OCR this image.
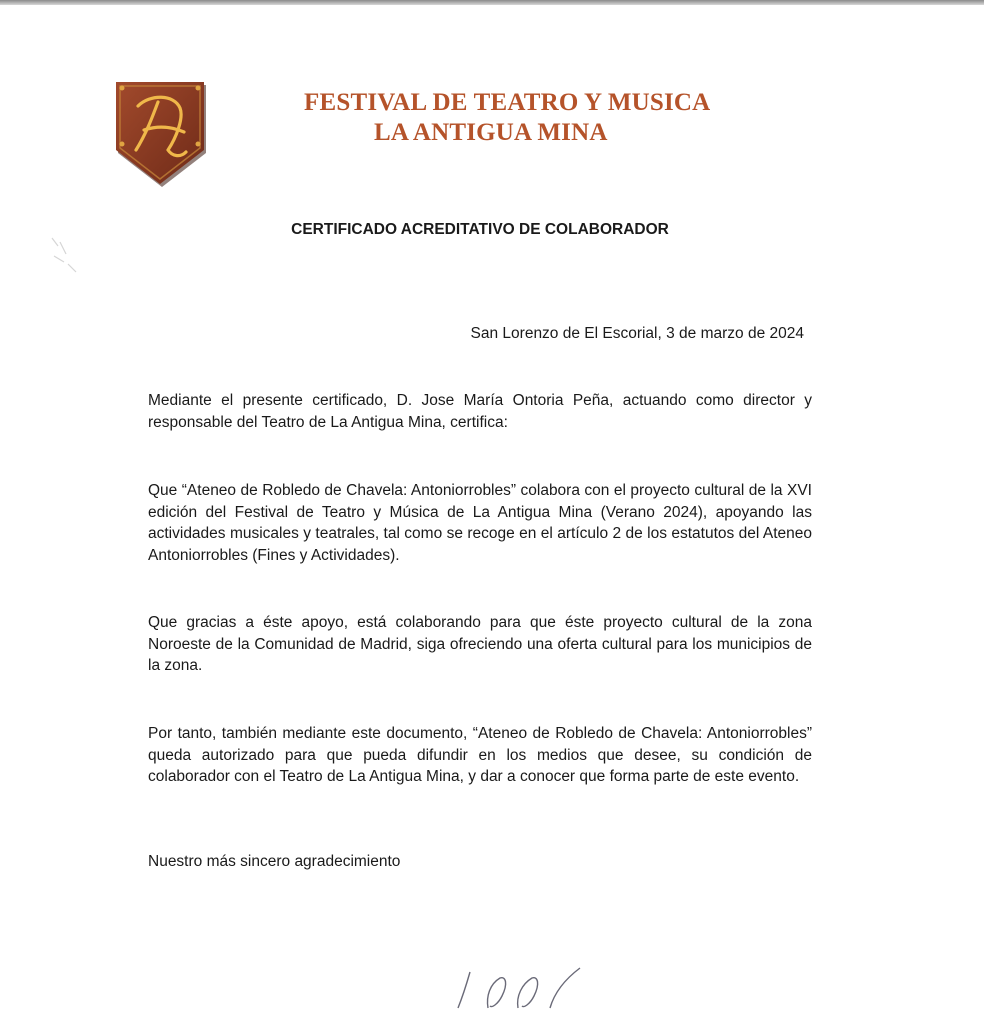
FESTIVAL DE TEATRO Y MUSICA
LA ANTIGUA MINA
CERTIFICADO ACREDITATIVO DE COLABORADOR
San Lorenzo de El Escorial, 3 de marzo de 2024

Mediante el presente certificado, D. Jose María Ontoria Peña, actuando como director y responsable del Teatro de La Antigua Mina, certifica:

Que “Ateneo de Robledo de Chavela: Antoniorrobles” colabora con el proyecto cultural de la XVI edición del Festival de Teatro y Música de La Antigua Mina (Verano 2024), apoyando las actividades musicales y teatrales, tal como se recoge en el artículo 2 de los estatutos del Ateneo Antoniorrobles (Fines y Actividades).

Que gracias a éste apoyo, está colaborando para que éste proyecto cultural de la zona Noroeste de la Comunidad de Madrid, siga ofreciendo una oferta cultural para los municipios de la zona.

Por tanto, también mediante este documento, “Ateneo de Robledo de Chavela: Antoniorrobles” queda autorizado para que pueda difundir en los medios que desee, su condición de colaborador con el Teatro de La Antigua Mina, y dar a conocer que forma parte de este evento.

Nuestro más sincero agradecimiento
